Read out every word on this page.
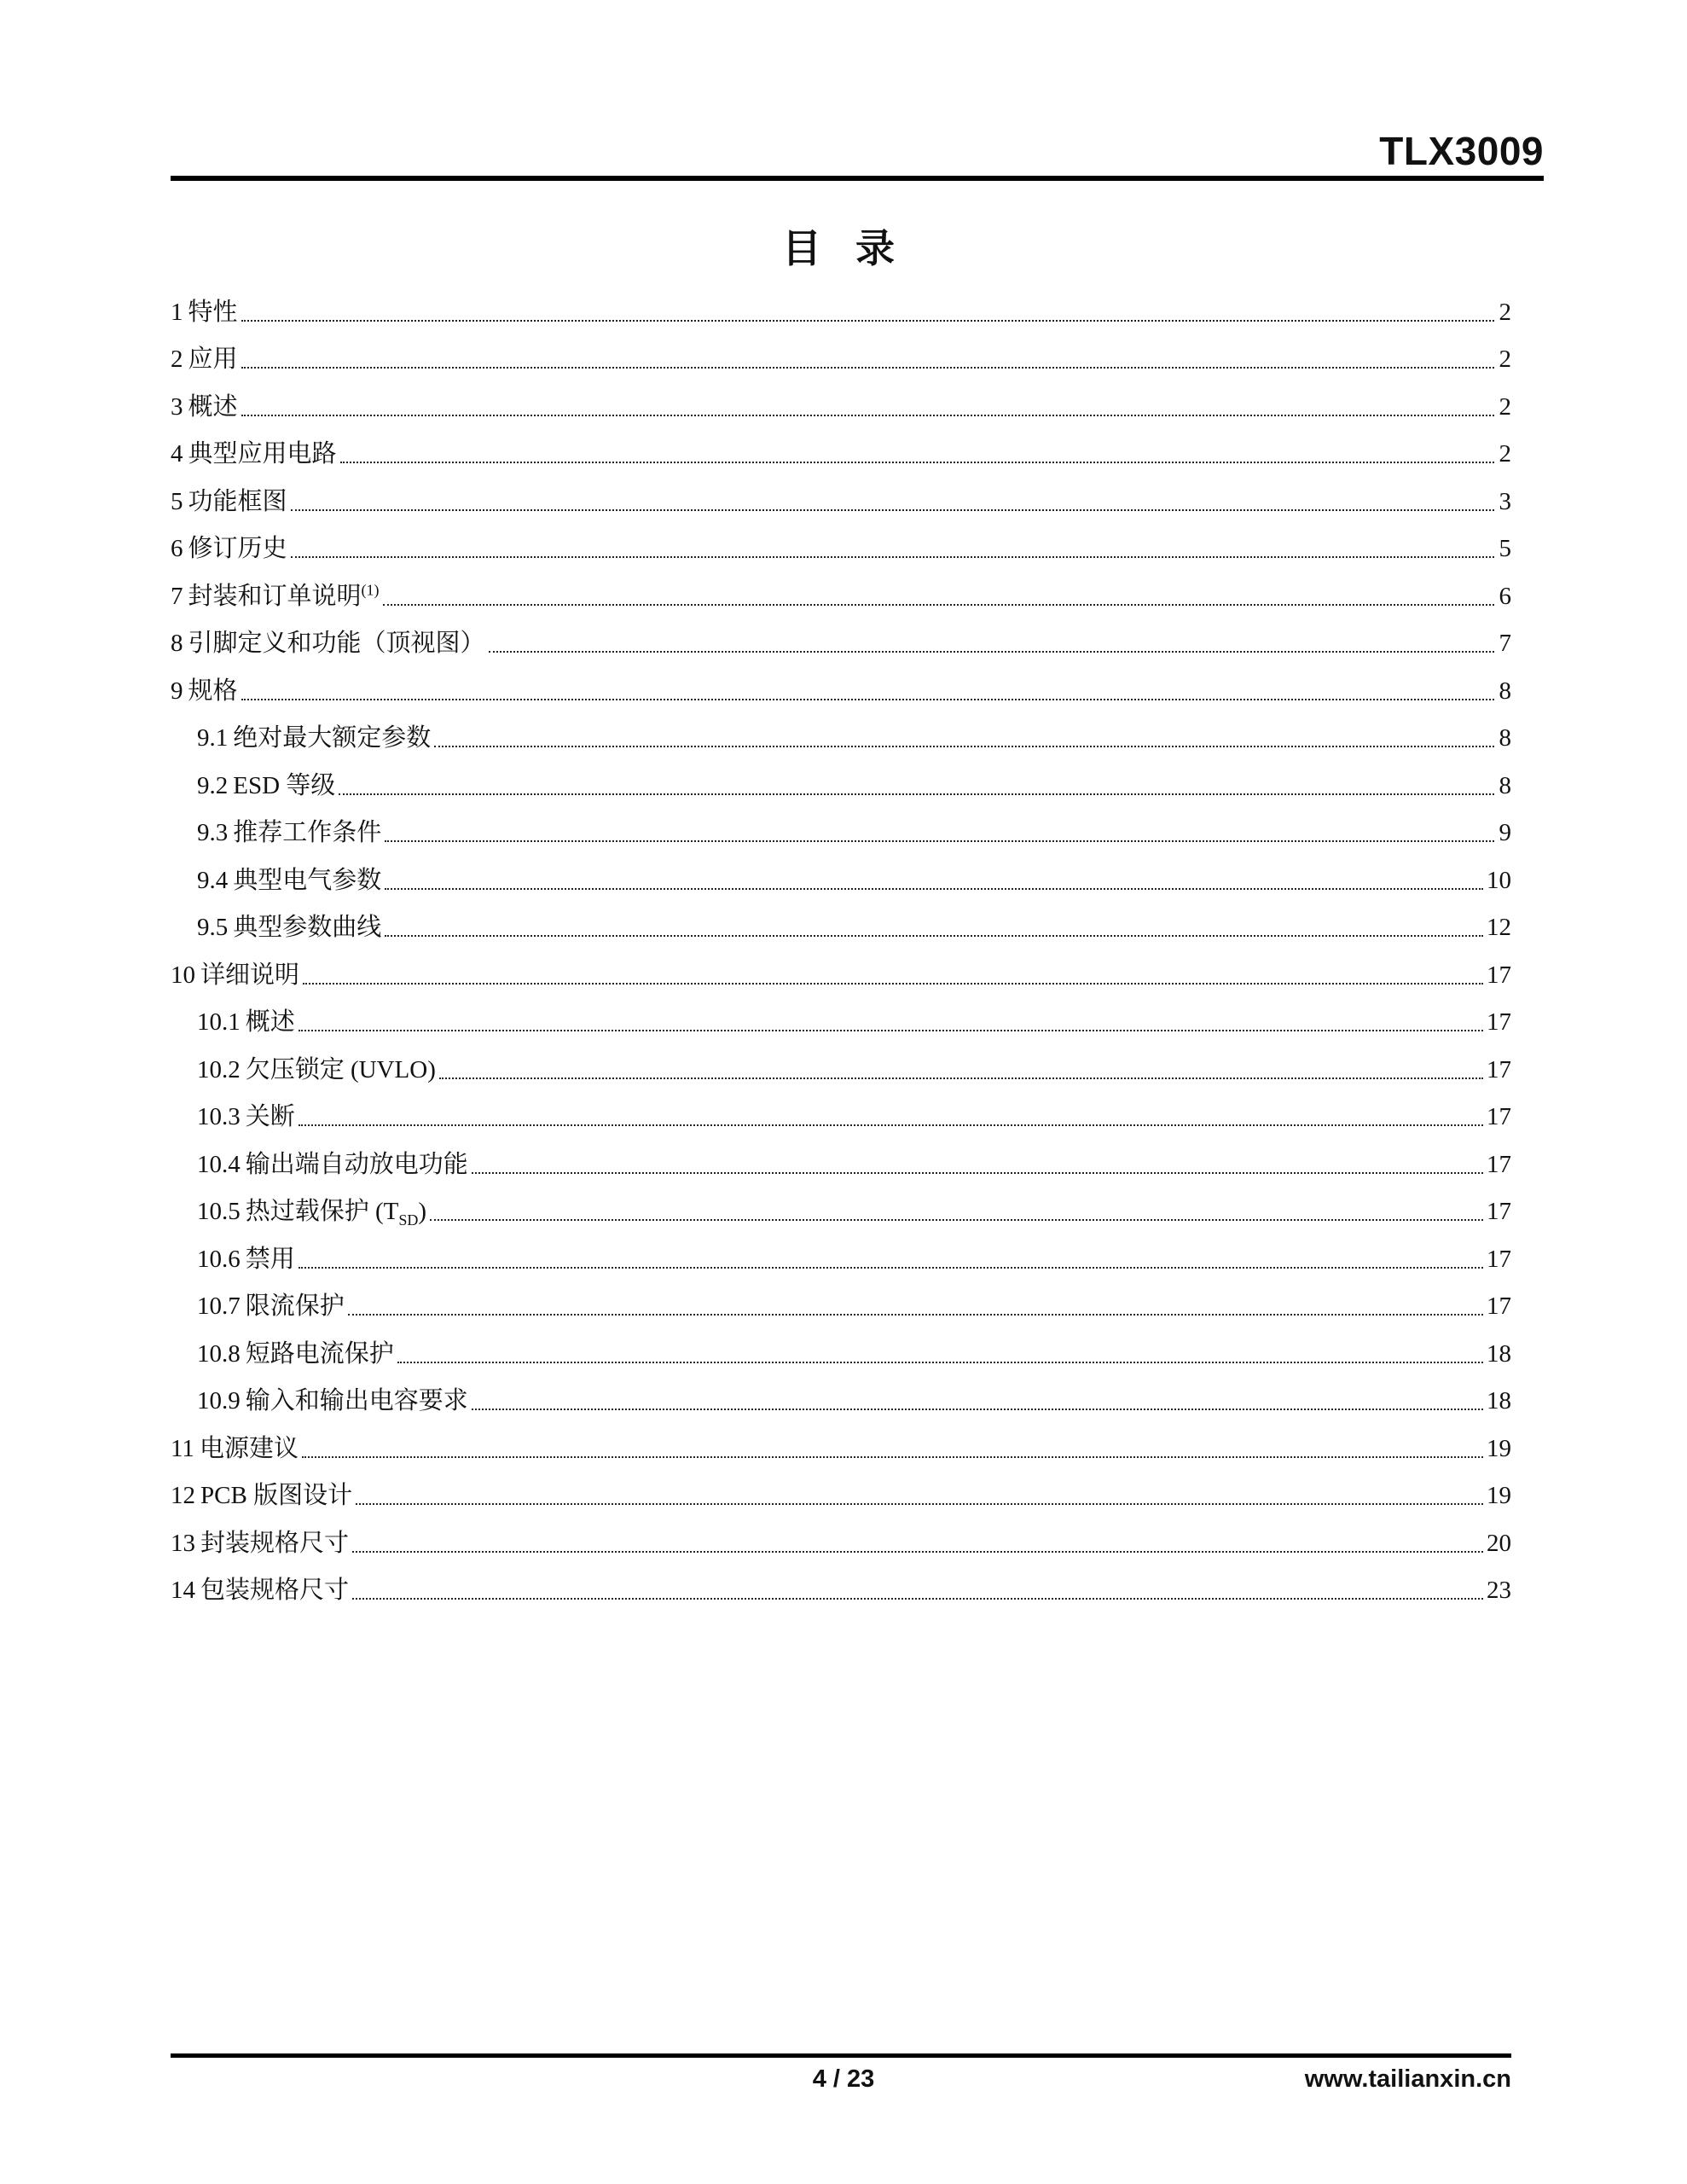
TLX3009
目 录
1 特性	2
2 应用	2
3 概述	2
4 典型应用电路	2
5 功能框图	3
6 修订历史	5
7 封装和订单说明$^{(1)}$	6
8 引脚定义和功能（顶视图）	7
9 规格	8
9.1 绝对最大额定参数	8
9.2 ESD 等级	8
9.3 推荐工作条件	9
9.4 典型电气参数	10
9.5 典型参数曲线	12
10 详细说明	17
10.1 概述	17
10.2 欠压锁定 (UVLO)	17
10.3 关断	17
10.4 输出端自动放电功能	17
10.5 热过载保护 $(T_{SD})$	17
10.6 禁用	17
10.7 限流保护	17
10.8 短路电流保护	18
10.9 输入和输出电容要求	18
11 电源建议	19
12 PCB 版图设计	19
13 封装规格尺寸	20
14 包装规格尺寸	23
4 / 23	www.tailianxin.cn
